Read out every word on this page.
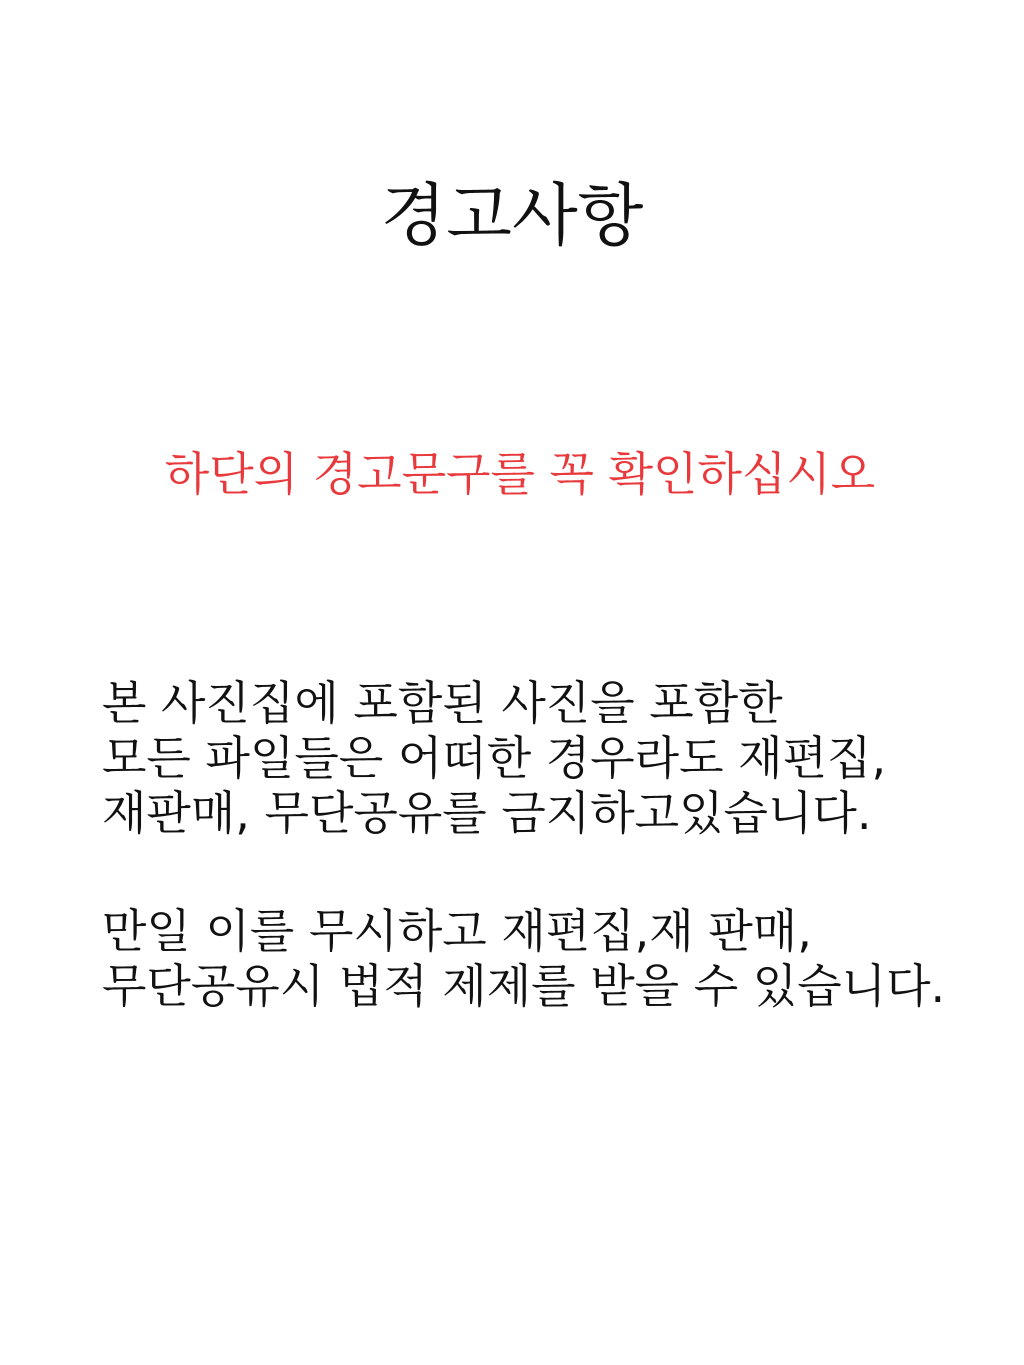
경고사항

하단의 경고문구를 꼭 확인하십시오

본 사진집에 포함된 사진을 포함한
모든 파일들은 어떠한 경우라도 재편집,
재판매, 무단공유를 금지하고있습니다.

만일 이를 무시하고 재편집,재 판매,
무단공유시 법적 제제를 받을 수 있습니다.
